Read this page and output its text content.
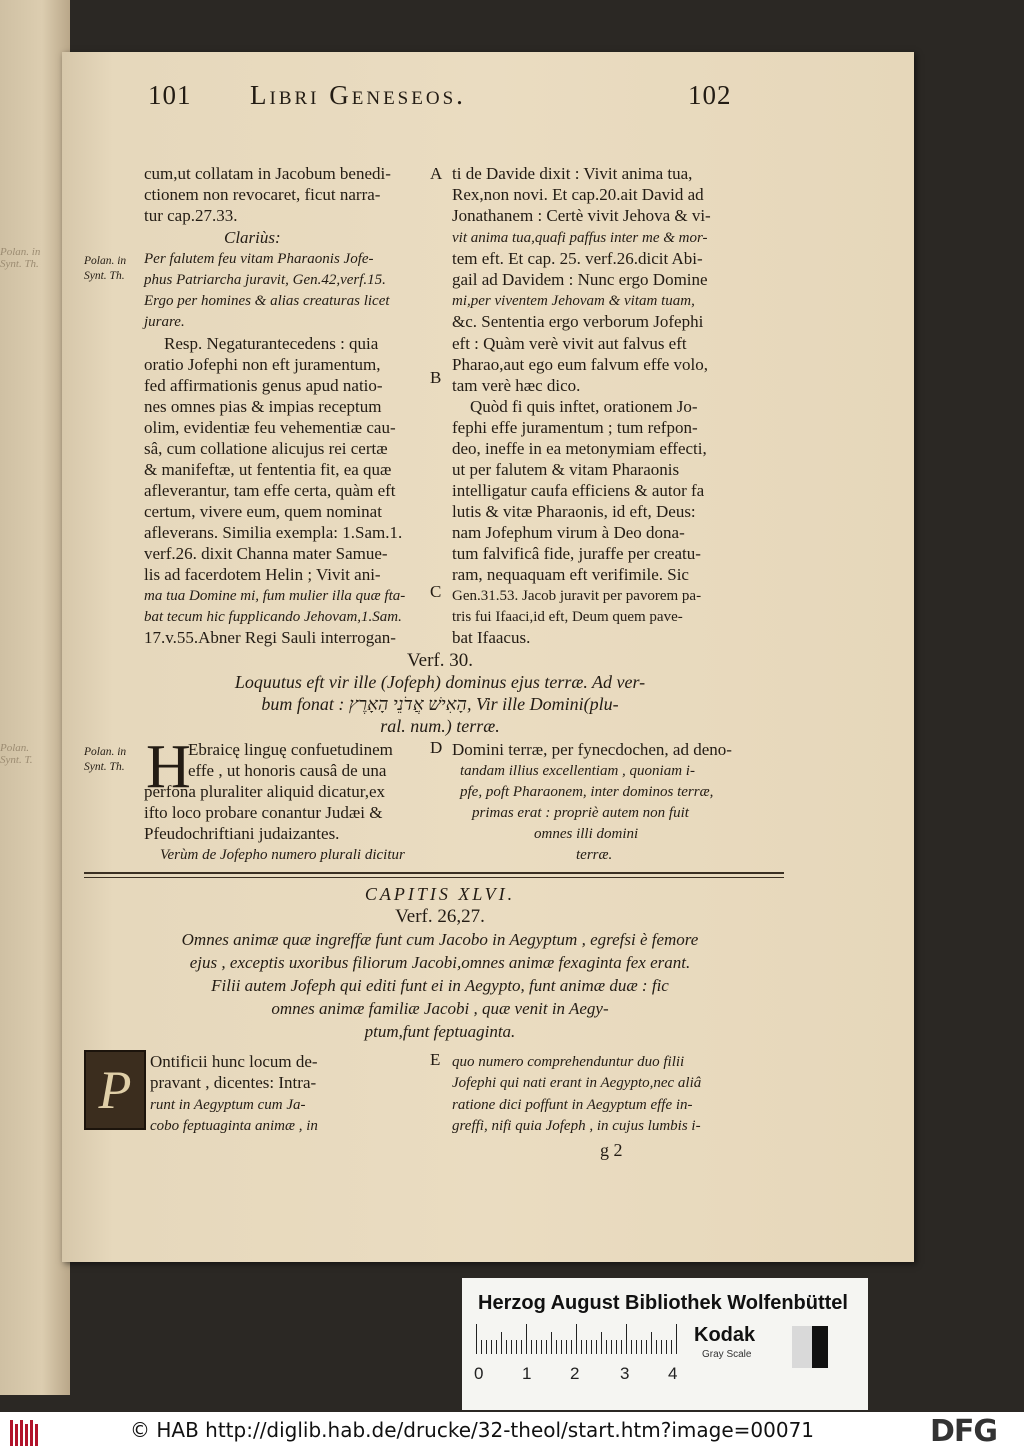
Polan. in
Synt. Th.
Polan.
Synt. T.
101 Libri Geneseos.	102
Polan. in
Synt. Th.
Polan. in
Synt. Th.
A
B
C
D
E
cum,ut collatam in Jacobum benedi-
ctionem non revocaret, ficut narra-
tur cap.27.33.
Clariùs:
Per falutem feu vitam Pharaonis Jofe-
phus Patriarcha juravit, Gen.42,verf.15.
Ergo per homines & alias creaturas licet
jurare.
Resp. Negaturantecedens : quia
oratio Jofephi non eft juramentum,
fed affirmationis genus apud natio-
nes omnes pias & impias receptum
olim, evidentiæ feu vehementiæ cau-
sâ, cum collatione alicujus rei certæ
& manifeftæ, ut fententia fit, ea quæ
afleverantur, tam effe certa, quàm eft
certum, vivere eum, quem nominat
afleverans. Similia exempla: 1.Sam.1.
verf.26. dixit Channa mater Samue-
lis ad facerdotem Helin ; Vivit ani-
ma tua Domine mi, fum mulier illa quæ fta-
bat tecum hic fupplicando Jehovam,1.Sam.
17.v.55.Abner Regi Sauli interrogan-
ti de Davide dixit : Vivit anima tua,
Rex,non novi. Et cap.20.ait David ad
Jonathanem : Certè vivit Jehova & vi-
vit anima tua,quafi paffus inter me & mor-
tem eft. Et cap. 25. verf.26.dicit Abi-
gail ad Davidem : Nunc ergo Domine
mi,per viventem Jehovam & vitam tuam,
&c. Sententia ergo verborum Jofephi
eft : Quàm verè vivit aut falvus eft
Pharao,aut ego eum falvum effe volo,
tam verè hæc dico.
Quòd fi quis inftet, orationem Jo-
fephi effe juramentum ; tum refpon-
deo, ineffe in ea metonymiam effecti,
ut per falutem & vitam Pharaonis
intelligatur caufa efficiens & autor fa
lutis & vitæ Pharaonis, id eft, Deus:
nam Jofephum virum à Deo dona-
tum falvificâ fide, juraffe per creatu-
ram, nequaquam eft verifimile. Sic
Gen.31.53. Jacob juravit per pavorem pa-
tris fui Ifaaci,id eft, Deum quem pave-
bat Ifaacus.
Verf. 30.
Loquutus eft vir ille (Jofeph) dominus ejus terræ. Ad ver-
bum fonat : הָאִישׁ אֲדֹנֵי הָאָרֶץ, Vir ille Domini(plu-
ral. num.) terræ.
H
Ebraicę linguę confuetudinem
effe , ut honoris causâ de una
perfona pluraliter aliquid dicatur,ex
ifto loco probare conantur Judæi &
Pfeudochriftiani judaizantes.
Verùm de Jofepho numero plurali dicitur
Domini terræ, per fynecdochen, ad deno-
tandam illius excellentiam , quoniam i-
pfe, poft Pharaonem, inter dominos terræ,
primas erat : propriè autem non fuit
omnes illi domini
terræ.
CAPITIS XLVI.
Verf. 26,27.
Omnes animæ quæ ingreffæ funt cum Jacobo in Aegyptum , egrefsi è femore
ejus , exceptis uxoribus filiorum Jacobi,omnes animæ fexaginta fex erant.
Filii autem Jofeph qui editi funt ei in Aegypto, funt animæ duæ : fic
omnes animæ familiæ Jacobi , quæ venit in Aegy-
ptum,funt feptuaginta.
P	Ontificii hunc locum de-
pravant , dicentes: Intra-
runt in Aegyptum cum Ja-
cobo feptuaginta animæ , in
quo numero comprehenduntur duo filii
Jofephi qui nati erant in Aegypto,nec aliâ
ratione dici poffunt in Aegyptum effe in-
greffi, nifi quia Jofeph , in cujus lumbis i-
g 2
Herzog August Bibliothek Wolfenbüttel
0 1 2 3 4
Kodak
Gray Scale
© HAB http://diglib.hab.de/drucke/32-theol/start.htm?image=00071	DFG
